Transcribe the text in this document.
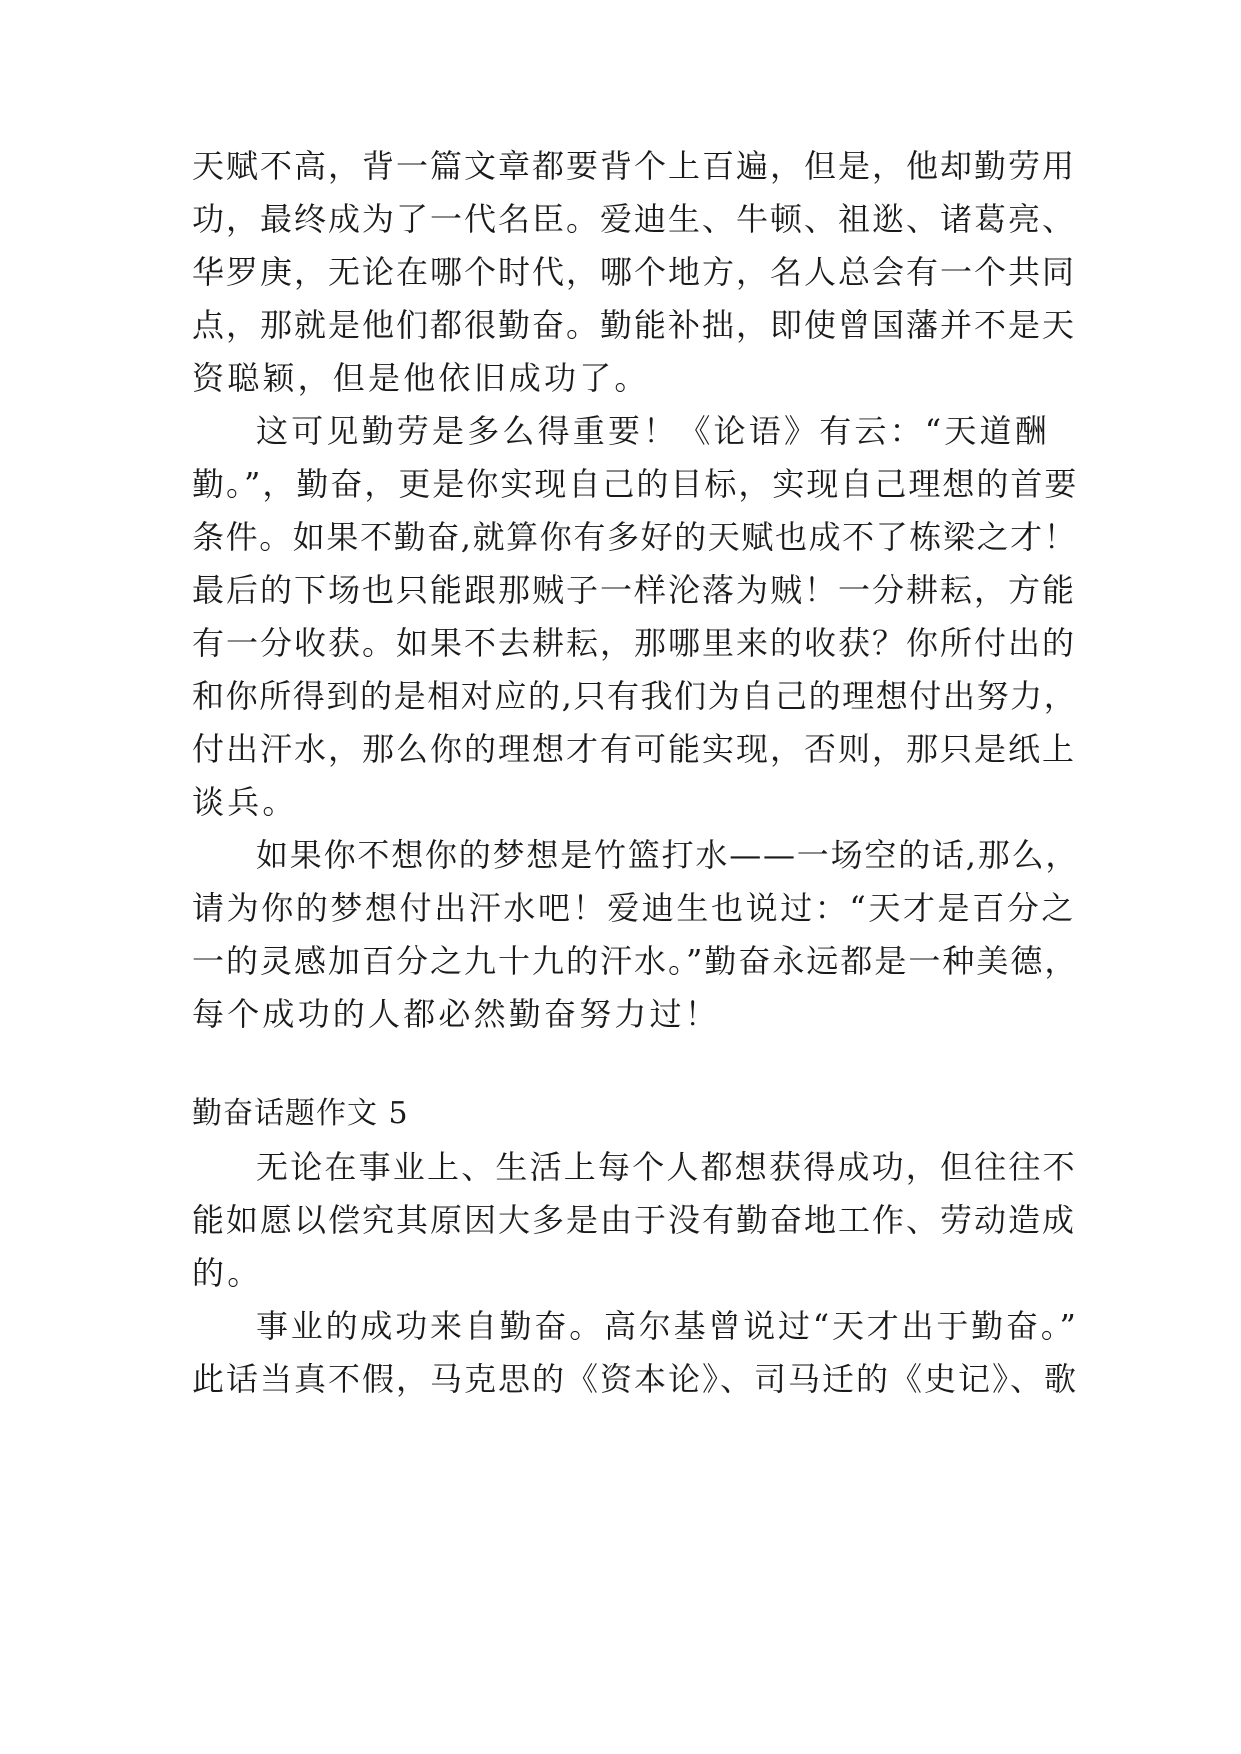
天赋不高，背一篇文章都要背个上百遍，但是，他却勤劳用
功，最终成为了一代名臣。爱迪生、牛顿、祖逖、诸葛亮、
华罗庚，无论在哪个时代，哪个地方，名人总会有一个共同
点，那就是他们都很勤奋。勤能补拙，即使曾国藩并不是天
资聪颖，但是他依旧成功了。
这可见勤劳是多么得重要！《论语》有云：“天道酬
勤。”，勤奋，更是你实现自己的目标，实现自己理想的首要
条件。如果不勤奋,就算你有多好的天赋也成不了栋梁之才！
最后的下场也只能跟那贼子一样沦落为贼！一分耕耘，方能
有一分收获。如果不去耕耘，那哪里来的收获？你所付出的
和你所得到的是相对应的,只有我们为自己的理想付出努力，
付出汗水，那么你的理想才有可能实现，否则，那只是纸上
谈兵。
如果你不想你的梦想是竹篮打水——一场空的话,那么，
请为你的梦想付出汗水吧！爱迪生也说过：“天才是百分之
一的灵感加百分之九十九的汗水。”勤奋永远都是一种美德，
每个成功的人都必然勤奋努力过！
勤奋话题作文 5
无论在事业上、生活上每个人都想获得成功，但往往不
能如愿以偿究其原因大多是由于没有勤奋地工作、劳动造成
的。
事业的成功来自勤奋。高尔基曾说过“天才出于勤奋。”
此话当真不假，马克思的《资本论》、司马迁的《史记》、歌
